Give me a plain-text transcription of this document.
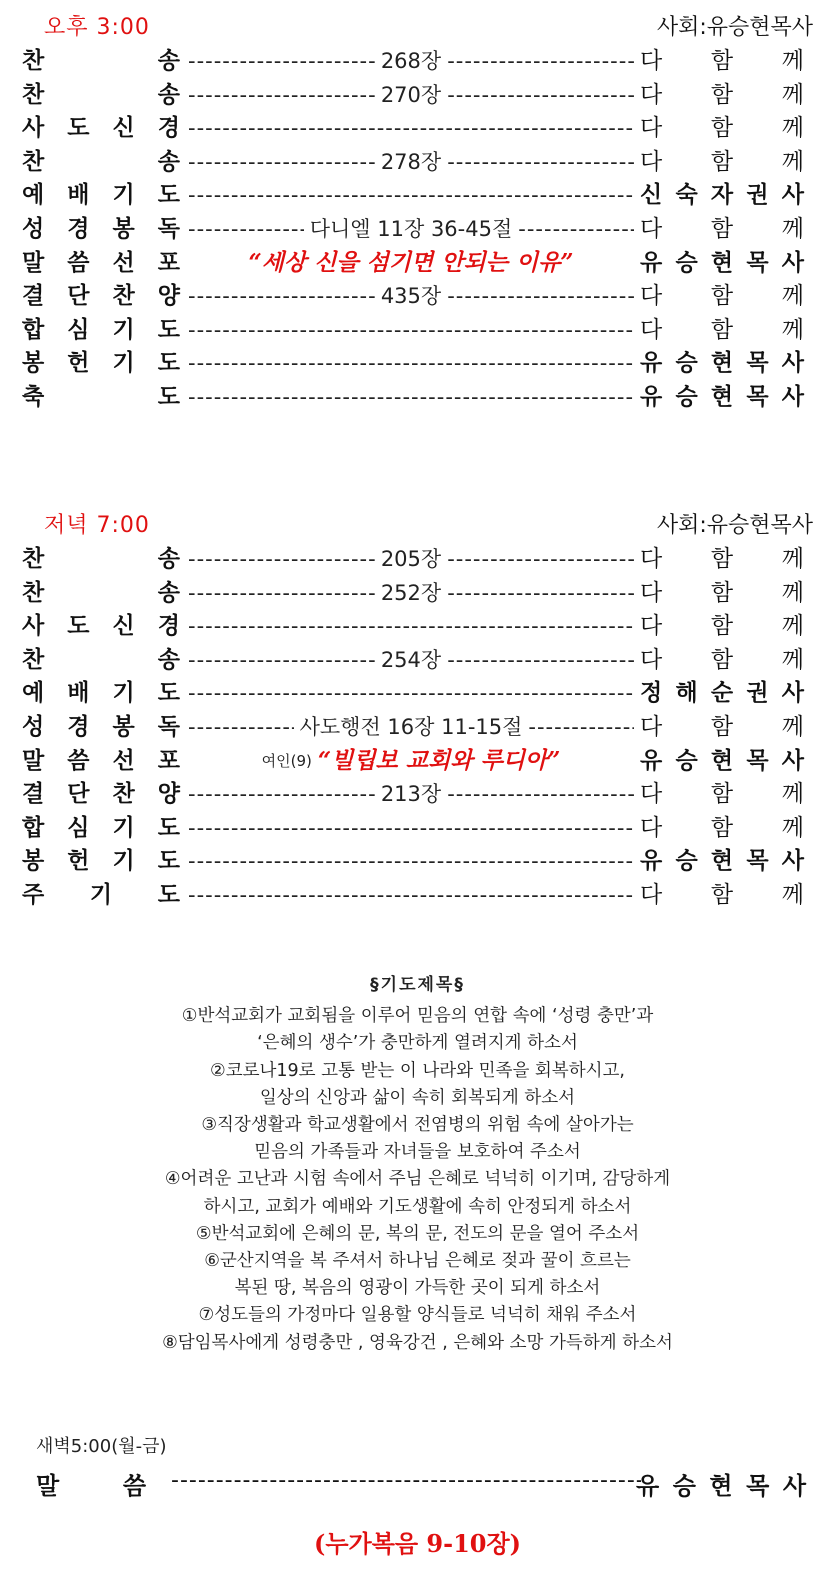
오후 3:00	사회:유승현목사
찬	송 -----	268장 -----	다 함 께
찬	송 -----	270장 -----	다 함 께
사 도 신 경 -----	다 함 께
찬	송 -----	278장 -----	다 함 께
예 배 기 도 -----	신 숙 자 권 사
성 경 봉 독 -----	다니엘 11장 36-45절 -----	다 함 께
말 씀 선 포	“세상 신을 섬기면 안되는 이유”	유 승 현 목 사
결 단 찬 양 -----	435장 -----	다 함 께
합 심 기 도 -----	다 함 께
봉 헌 기 도 -----	유 승 현 목 사
축	도 -----	유 승 현 목 사
저녁 7:00	사회:유승현목사
찬	송 -----	205장 -----	다 함 께
찬	송 -----	252장 -----	다 함 께
사 도 신 경 -----	다 함 께
찬	송 -----	254장 -----	다 함 께
예 배 기 도 -----	정 해 순 권 사
성 경 봉 독 -----	사도행전 16장 11-15절 -----	다 함 께
말 씀 선 포	여인(9) “빌립보 교회와 루디아”	유 승 현 목 사
결 단 찬 양 -----	213장 -----	다 함 께
합 심 기 도 -----	다 함 께
봉 헌 기 도 -----	유 승 현 목 사
주 기 도 -----	다 함 께
§기도제목§

①반석교회가 교회됨을 이루어 믿음의 연합 속에 ‘성령 충만’과

‘은혜의 생수’가 충만하게 열려지게 하소서

②코로나19로 고통 받는 이 나라와 민족을 회복하시고,

일상의 신앙과 삶이 속히 회복되게 하소서

③직장생활과 학교생활에서 전염병의 위험 속에 살아가는

믿음의 가족들과 자녀들을 보호하여 주소서

④어려운 고난과 시험 속에서 주님 은혜로 넉넉히 이기며, 감당하게

하시고, 교회가 예배와 기도생활에 속히 안정되게 하소서

⑤반석교회에 은혜의 문, 복의 문, 전도의 문을 열어 주소서

⑥군산지역을 복 주셔서 하나님 은혜로 젖과 꿀이 흐르는

복된 땅, 복음의 영광이 가득한 곳이 되게 하소서

⑦성도들의 가정마다 일용할 양식들로 넉넉히 채워 주소서

⑧담임목사에게 성령충만 , 영육강건 , 은혜와 소망 가득하게 하소서

새벽5:00(월-금)
말	씀 -----	유 승 현 목 사
(누가복음 9-10장)
